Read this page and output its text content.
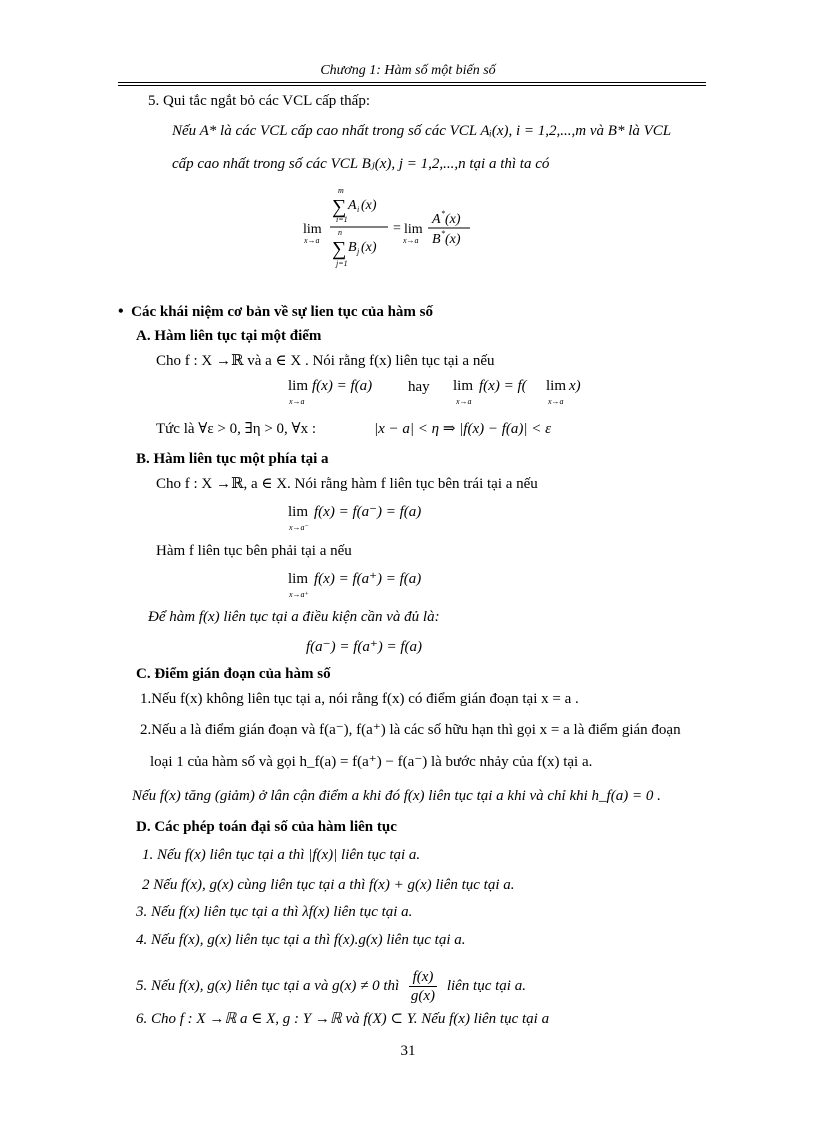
Chương 1: Hàm số một biến số
5. Qui tắc ngắt bỏ các VCL cấp thấp:
Nếu A* là các VCL cấp cao nhất trong số các VCL Aᵢ(x), i = 1,2,...,m và B* là VCL
cấp cao nhất trong số các VCL Bⱼ(x), j = 1,2,...,n tại a thì ta có
m
∑ A i (x)
i=1
lim
x→a
n
∑ B j (x)
j=1
= lim
x→a
A * (x)
B * (x)
• Các khái niệm cơ bản về sự lien tục của hàm số
A. Hàm liên tục tại một điểm
Cho f : X →ℝ và a ∈ X . Nói rằng f(x) liên tục tại a nếu
lim f(x) = f(a)
x→a
lim f(x) = f( lim x)
x→a	x→a
hay
Tức là ∀ε > 0, ∃η > 0, ∀x :	|x − a| < η ⇒ |f(x) − f(a)| < ε
B. Hàm liên tục một phía tại a
Cho f : X →ℝ, a ∈ X. Nói rằng hàm f liên tục bên trái tại a nếu
lim f(x) = f(a⁻) = f(a)
x→a⁻
Hàm f liên tục bên phải tại a nếu
lim f(x) = f(a⁺) = f(a)
x→a⁺
Để hàm f(x) liên tục tại a điều kiện cần và đủ là:
f(a⁻) = f(a⁺) = f(a)
C. Điểm gián đoạn của hàm số
1.Nếu f(x) không liên tục tại a, nói rằng f(x) có điểm gián đoạn tại x = a .
2.Nếu a là điểm gián đoạn và f(a⁻), f(a⁺) là các số hữu hạn thì gọi x = a là điểm gián đoạn
loại 1 của hàm số và gọi h_f(a) = f(a⁺) − f(a⁻) là bước nhảy của f(x) tại a.
Nếu f(x) tăng (giảm) ở lân cận điểm a khi đó f(x) liên tục tại a khi và chỉ khi h_f(a) = 0 .
D. Các phép toán đại số của hàm liên tục
1. Nếu f(x) liên tục tại a thì |f(x)| liên tục tại a.
2 Nếu f(x), g(x) cùng liên tục tại a thì f(x) + g(x) liên tục tại a.
3. Nếu f(x) liên tục tại a thì λf(x) liên tục tại a.
4. Nếu f(x), g(x) liên tục tại a thì f(x).g(x) liên tục tại a.
5. Nếu f(x), g(x) liên tục tại a và g(x) ≠ 0 thì $\frac{f(x)}{g(x)}$ liên tục tại a.
6. Cho f : X →ℝ a ∈ X, g : Y →ℝ và f(X) ⊂ Y. Nếu f(x) liên tục tại a
31
